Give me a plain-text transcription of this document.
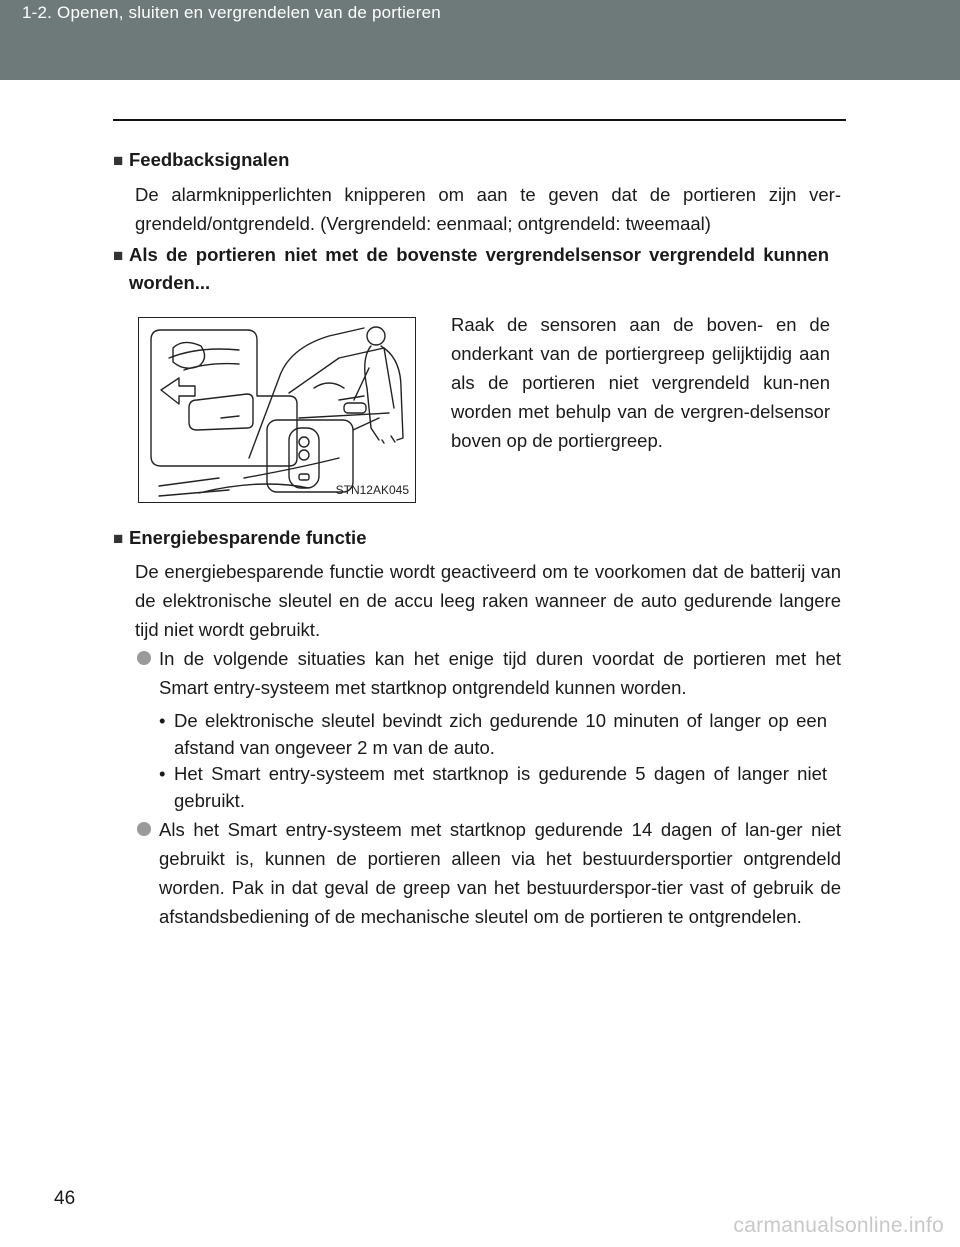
1-2. Openen, sluiten en vergrendelen van de portieren
■ Feedbacksignalen
De alarmknipperlichten knipperen om aan te geven dat de portieren zijn ver-grendeld/ontgrendeld. (Vergrendeld: eenmaal; ontgrendeld: tweemaal)
■ Als de portieren niet met de bovenste vergrendelsensor vergrendeld kunnen worden...
STN12AK045
Raak de sensoren aan de boven- en de onderkant van de portiergreep gelijktijdig aan als de portieren niet vergrendeld kun-nen worden met behulp van de vergren-delsensor boven op de portiergreep.
■ Energiebesparende functie
De energiebesparende functie wordt geactiveerd om te voorkomen dat de batterij van de elektronische sleutel en de accu leeg raken wanneer de auto gedurende langere tijd niet wordt gebruikt.
In de volgende situaties kan het enige tijd duren voordat de portieren met het Smart entry-systeem met startknop ontgrendeld kunnen worden.
• De elektronische sleutel bevindt zich gedurende 10 minuten of langer op een afstand van ongeveer 2 m van de auto.
• Het Smart entry-systeem met startknop is gedurende 5 dagen of langer niet gebruikt.
Als het Smart entry-systeem met startknop gedurende 14 dagen of lan-ger niet gebruikt is, kunnen de portieren alleen via het bestuurdersportier ontgrendeld worden. Pak in dat geval de greep van het bestuurderspor-tier vast of gebruik de afstandsbediening of de mechanische sleutel om de portieren te ontgrendelen.
46
carmanualsonline.info
